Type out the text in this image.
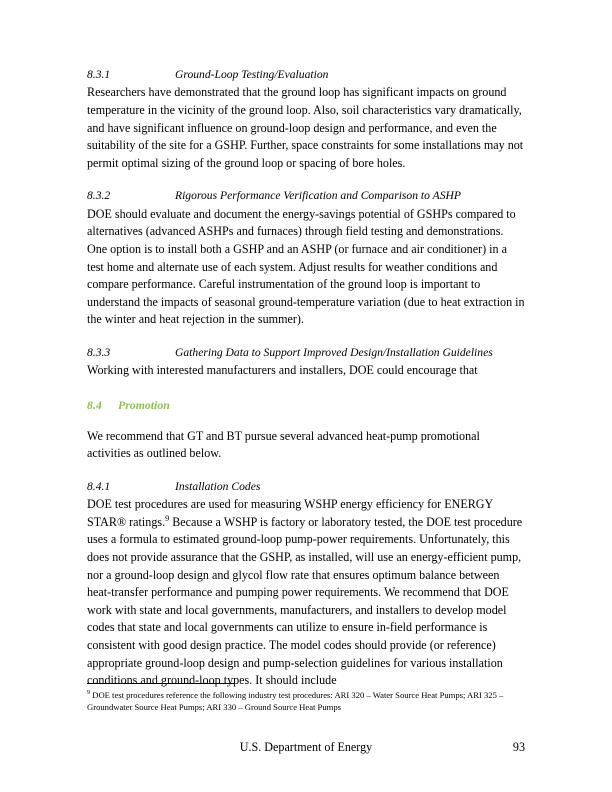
8.3.1	Ground-Loop Testing/Evaluation

Researchers have demonstrated that the ground loop has significant impacts on ground temperature in the vicinity of the ground loop. Also, soil characteristics vary dramatically, and have significant influence on ground-loop design and performance, and even the suitability of the site for a GSHP. Further, space constraints for some installations may not permit optimal sizing of the ground loop or spacing of bore holes.

8.3.2	Rigorous Performance Verification and Comparison to ASHP

DOE should evaluate and document the energy-savings potential of GSHPs compared to alternatives (advanced ASHPs and furnaces) through field testing and demonstrations. One option is to install both a GSHP and an ASHP (or furnace and air conditioner) in a test home and alternate use of each system. Adjust results for weather conditions and compare performance. Careful instrumentation of the ground loop is important to understand the impacts of seasonal ground-temperature variation (due to heat extraction in the winter and heat rejection in the summer).

8.3.3	Gathering Data to Support Improved Design/Installation Guidelines

Working with interested manufacturers and installers, DOE could encourage that

8.4	Promotion

We recommend that GT and BT pursue several advanced heat-pump promotional activities as outlined below.

8.4.1	Installation Codes

DOE test procedures are used for measuring WSHP energy efficiency for ENERGY STAR® ratings.$^9$ Because a WSHP is factory or laboratory tested, the DOE test procedure uses a formula to estimated ground-loop pump-power requirements. Unfortunately, this does not provide assurance that the GSHP, as installed, will use an energy-efficient pump, nor a ground-loop design and glycol flow rate that ensures optimum balance between heat-transfer performance and pumping power requirements. We recommend that DOE work with state and local governments, manufacturers, and installers to develop model codes that state and local governments can utilize to ensure in-field performance is consistent with good design practice. The model codes should provide (or reference) appropriate ground-loop design and pump-selection guidelines for various installation conditions and ground-loop types. It should include

$^9$ DOE test procedures reference the following industry test procedures: ARI 320 – Water Source Heat Pumps; ARI 325 – Groundwater Source Heat Pumps; ARI 330 – Ground Source Heat Pumps

U.S. Department of Energy	93
